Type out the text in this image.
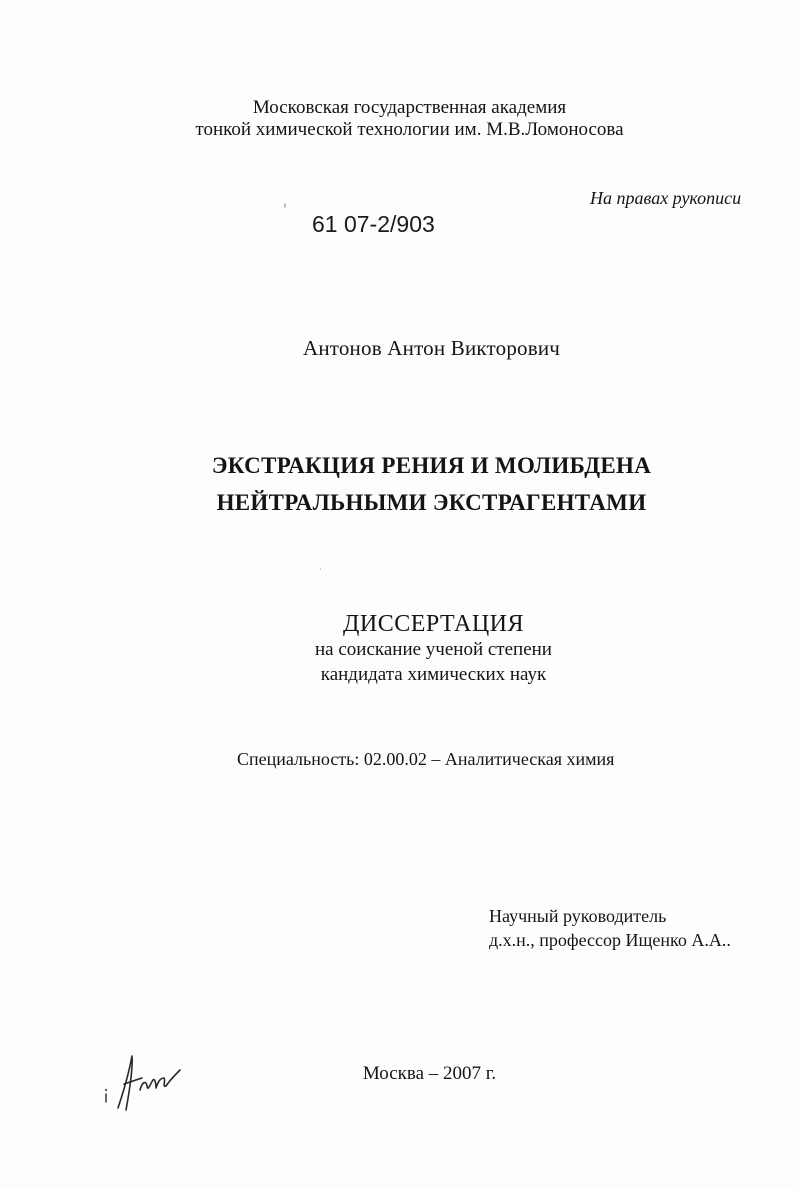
Московская государственная академия
тонкой химической технологии им. М.В.Ломоносова
На правах рукописи
61 07-2/903
Антонов Антон Викторович
ЭКСТРАКЦИЯ РЕНИЯ И МОЛИБДЕНА
НЕЙТРАЛЬНЫМИ ЭКСТРАГЕНТАМИ
ДИССЕРТАЦИЯ
на соискание ученой степени
кандидата химических наук
Специальность: 02.00.02 – Аналитическая химия
Научный руководитель
д.х.н., профессор Ищенко А.А..
Москва – 2007 г.
